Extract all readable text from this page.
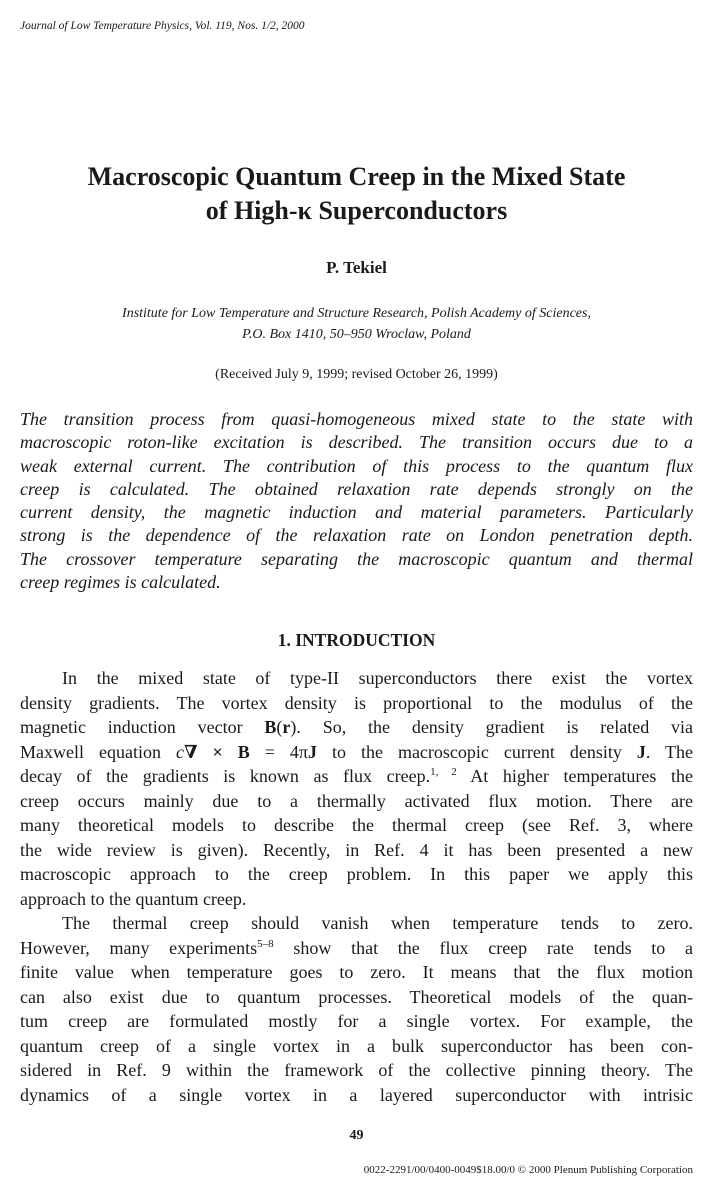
Journal of Low Temperature Physics, Vol. 119, Nos. 1/2, 2000
Macroscopic Quantum Creep in the Mixed State
of High-κ Superconductors
P. Tekiel
Institute for Low Temperature and Structure Research, Polish Academy of Sciences,
P.O. Box 1410, 50–950 Wroclaw, Poland
(Received July 9, 1999; revised October 26, 1999)
The transition process from quasi-homogeneous mixed state to the state with
macroscopic roton-like excitation is described. The transition occurs due to a
weak external current. The contribution of this process to the quantum flux
creep is calculated. The obtained relaxation rate depends strongly on the
current density, the magnetic induction and material parameters. Particularly
strong is the dependence of the relaxation rate on London penetration depth.
The crossover temperature separating the macroscopic quantum and thermal
creep regimes is calculated.
1. INTRODUCTION
In the mixed state of type-II superconductors there exist the vortex
density gradients. The vortex density is proportional to the modulus of the
magnetic induction vector B(r). So, the density gradient is related via
Maxwell equation c∇ × B = 4πJ to the macroscopic current density J. The
decay of the gradients is known as flux creep.$^{1, 2}$ At higher temperatures the
creep occurs mainly due to a thermally activated flux motion. There are
many theoretical models to describe the thermal creep (see Ref. 3, where
the wide review is given). Recently, in Ref. 4 it has been presented a new
macroscopic approach to the creep problem. In this paper we apply this
approach to the quantum creep.
The thermal creep should vanish when temperature tends to zero.
However, many experiments$^{5-8}$ show that the flux creep rate tends to a
finite value when temperature goes to zero. It means that the flux motion
can also exist due to quantum processes. Theoretical models of the quan-
tum creep are formulated mostly for a single vortex. For example, the
quantum creep of a single vortex in a bulk superconductor has been con-
sidered in Ref. 9 within the framework of the collective pinning theory. The
dynamics of a single vortex in a layered superconductor with intrisic
49
0022-2291/00/0400-0049$18.00/0 © 2000 Plenum Publishing Corporation
